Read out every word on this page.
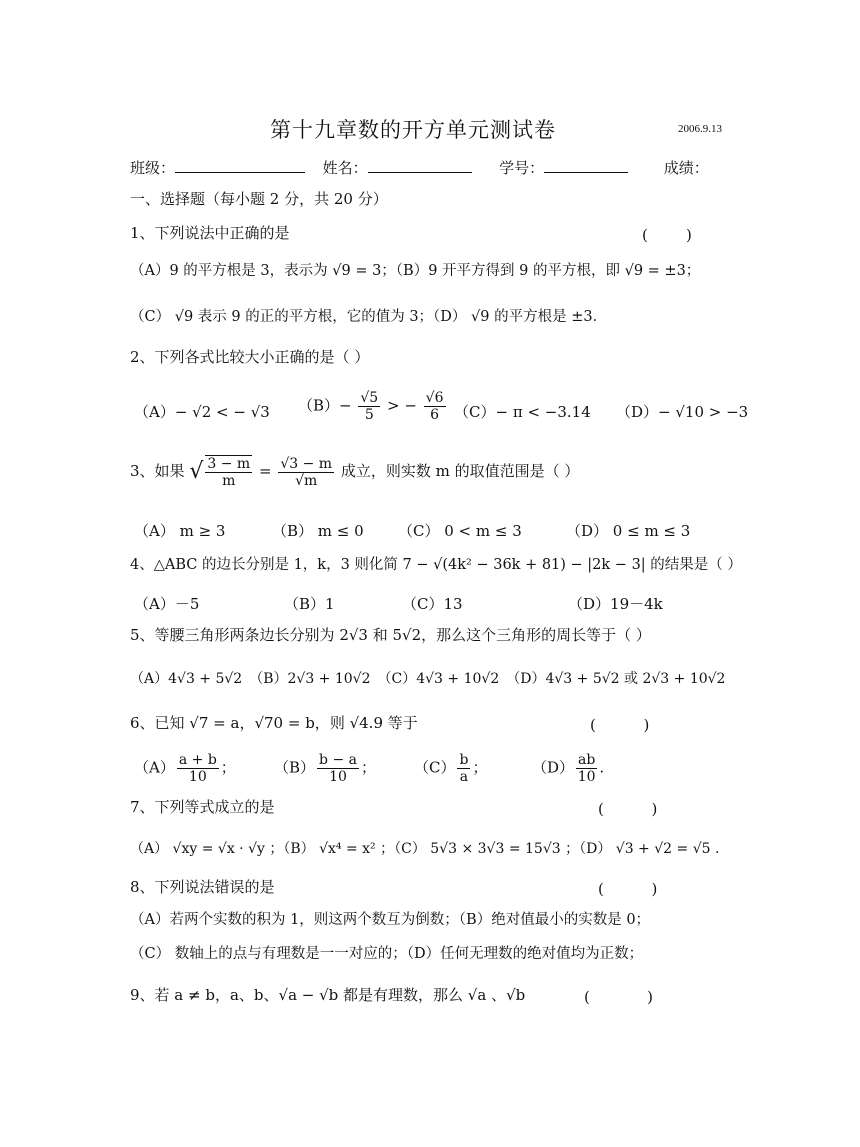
第十九章数的开方单元测试卷	2006.9.13
班级：	姓名：	学号：	成绩：
一、选择题（每小题 2 分，共 20 分）
1、下列说法中正确的是	(        )
（A）9 的平方根是 3，表示为 √9 = 3；（B）9 开平方得到 9 的平方根，即 √9 = ±3；
（C） √9 表示 9 的正的平方根，它的值为 3；（D） √9 的平方根是 ±3．
2、下列各式比较大小正确的是（ ）
（A）− √2 < − √3 $(B)- \frac{√5}{5}$ > − $\frac{√6}{6} (C)- \pi < -3.14$ （D）− √10 > −3
3、如果 √ $\frac{3 - m}{m} = \frac{√3 - m}{√m}$ 成立，则实数 m 的取值范围是（ ）
（A） m ≥ 3	（B） m ≤ 0 （C） 0 < m ≤ 3	（D） 0 ≤ m ≤ 3
4、△ABC 的边长分别是 1，k，3 则化简 7 − √(4k² − 36k + 81) − |2k − 3| 的结果是（ ）
（A）－5	（B）1	（C）13	（D）19－4k
5、等腰三角形两条边长分别为 2√3 和 5√2，那么这个三角形的周长等于（ ）
（A）4√3 + 5√2　（B）2√3 + 10√2　（C）4√3 + 10√2　（D）4√3 + 5√2 或 2√3 + 10√2
6、已知 √7 = a，√70 = b，则 √4.9 等于	(          )
$(A) \frac{a + b}{10}$ ；	$(B) \frac{b - a}{10}$ ；	$(C) \frac{b}{a}$ ；	$(D) \frac{ab}{10}$ .
7、下列等式成立的是	(          )
（A） √xy = √x · √y ；（B） √x⁴ = x² ；（C） 5√3 × 3√3 = 15√3 ；（D） √3 + √2 = √5 .
8、下列说法错误的是	(          )
（A）若两个实数的积为 1，则这两个数互为倒数；（B）绝对值最小的实数是 0；
（C） 数轴上的点与有理数是一一对应的；（D）任何无理数的绝对值均为正数；
9、若 a ≠ b，a、b、√a − √b 都是有理数，那么 √a 、√b	(            )
